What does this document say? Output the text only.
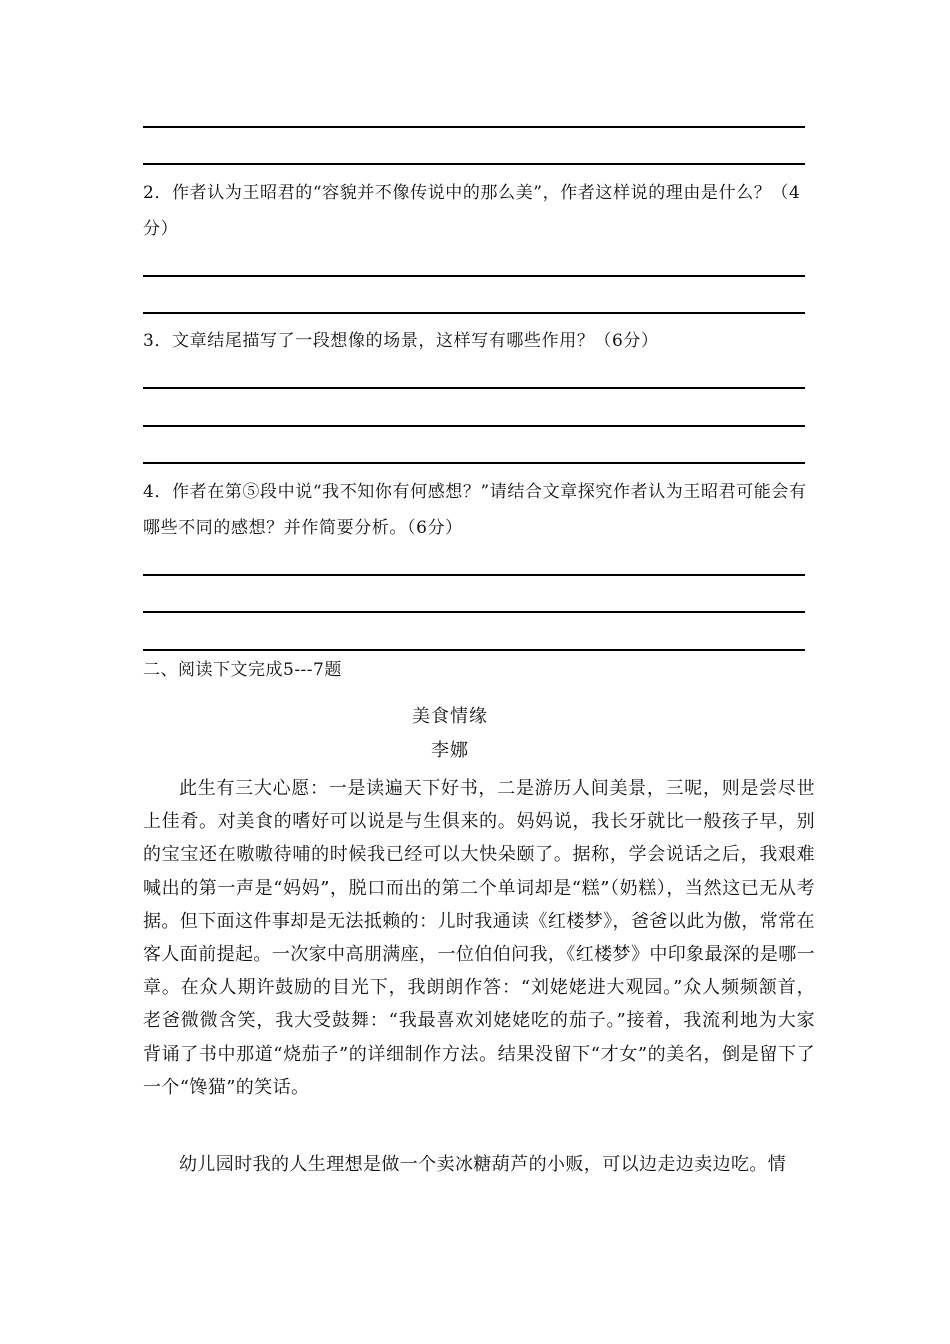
2．作者认为王昭君的“容貌并不像传说中的那么美”，作者这样说的理由是什么？（4分）

3．文章结尾描写了一段想像的场景，这样写有哪些作用？（6分）

4．作者在第⑤段中说“我不知你有何感想？”请结合文章探究作者认为王昭君可能会有哪些不同的感想？并作简要分析。（6分）

二、阅读下文完成5---7题
美食情缘
李娜

此生有三大心愿：一是读遍天下好书，二是游历人间美景，三呢，则是尝尽世上佳肴。对美食的嗜好可以说是与生俱来的。妈妈说，我长牙就比一般孩子早，别的宝宝还在嗷嗷待哺的时候我已经可以大快朵颐了。据称，学会说话之后，我艰难喊出的第一声是“妈妈”，脱口而出的第二个单词却是“糕”（奶糕），当然这已无从考据。但下面这件事却是无法抵赖的：儿时我通读《红楼梦》，爸爸以此为傲，常常在客人面前提起。一次家中高朋满座，一位伯伯问我，《红楼梦》中印象最深的是哪一章。在众人期许鼓励的目光下，我朗朗作答：“刘姥姥进大观园。”众人频频颔首，老爸微微含笑，我大受鼓舞：“我最喜欢刘姥姥吃的茄子。”接着，我流利地为大家背诵了书中那道“烧茄子”的详细制作方法。结果没留下“才女”的美名，倒是留下了一个“馋猫”的笑话。

幼儿园时我的人生理想是做一个卖冰糖葫芦的小贩，可以边走边卖边吃。情
